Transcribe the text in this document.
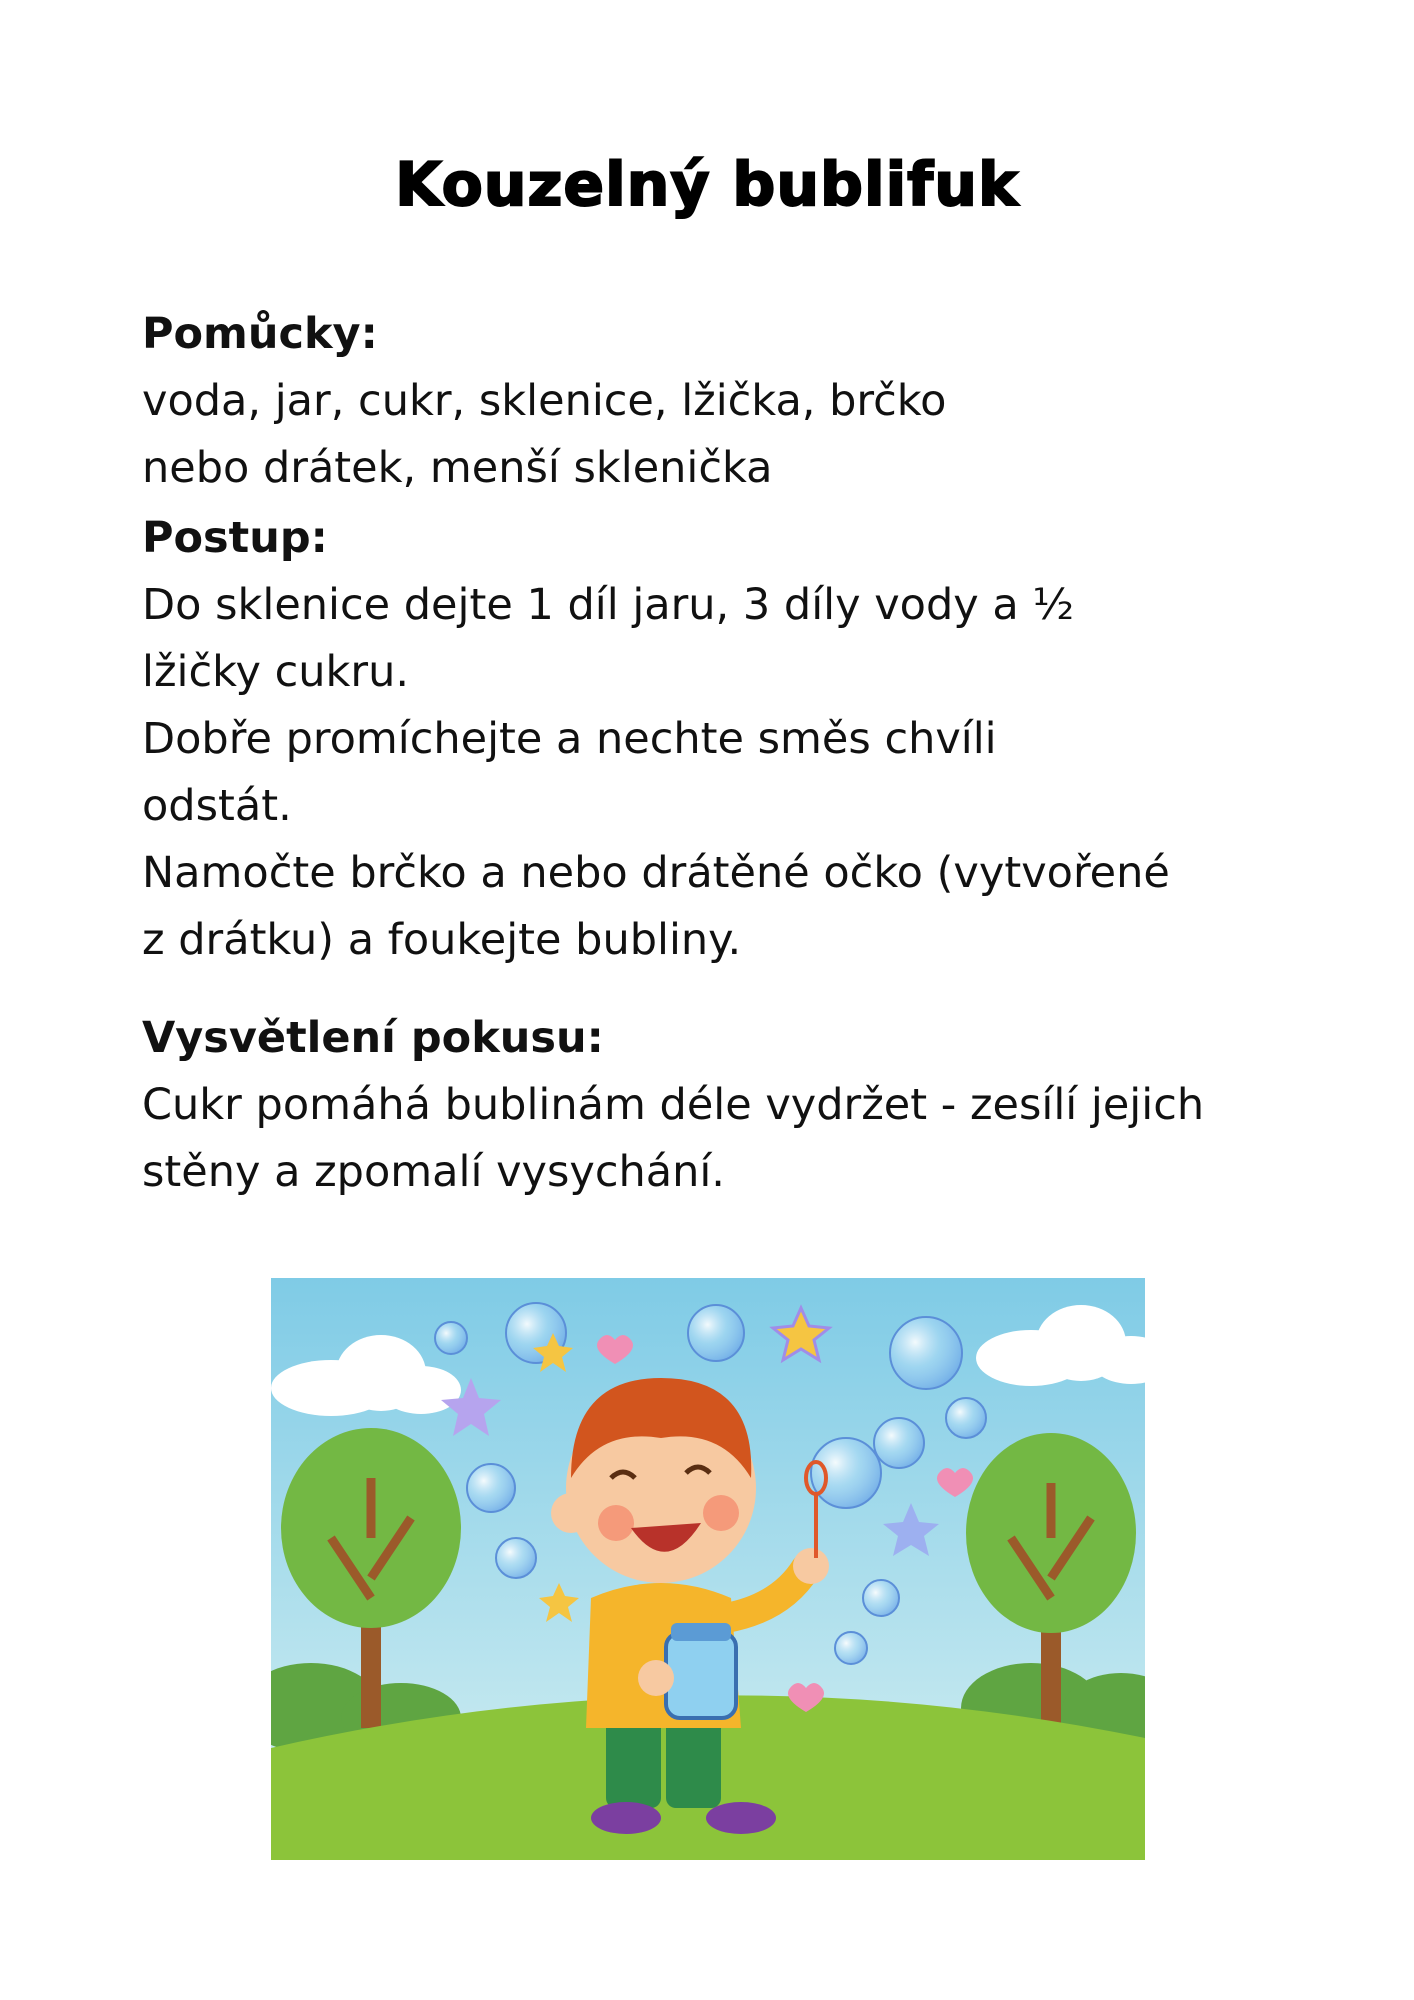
Kouzelný bublifuk

Pomůcky:

voda, jar, cukr, sklenice, lžička, brčko

nebo drátek, menší sklenička

Postup:

Do sklenice dejte 1 díl jaru, 3 díly vody a ½

lžičky cukru.

Dobře promíchejte a nechte směs chvíli

odstát.

Namočte brčko a nebo drátěné očko (vytvořené

z drátku) a foukejte bubliny.

Vysvětlení pokusu:

Cukr pomáhá bublinám déle vydržet - zesílí jejich

stěny a zpomalí vysychání.
